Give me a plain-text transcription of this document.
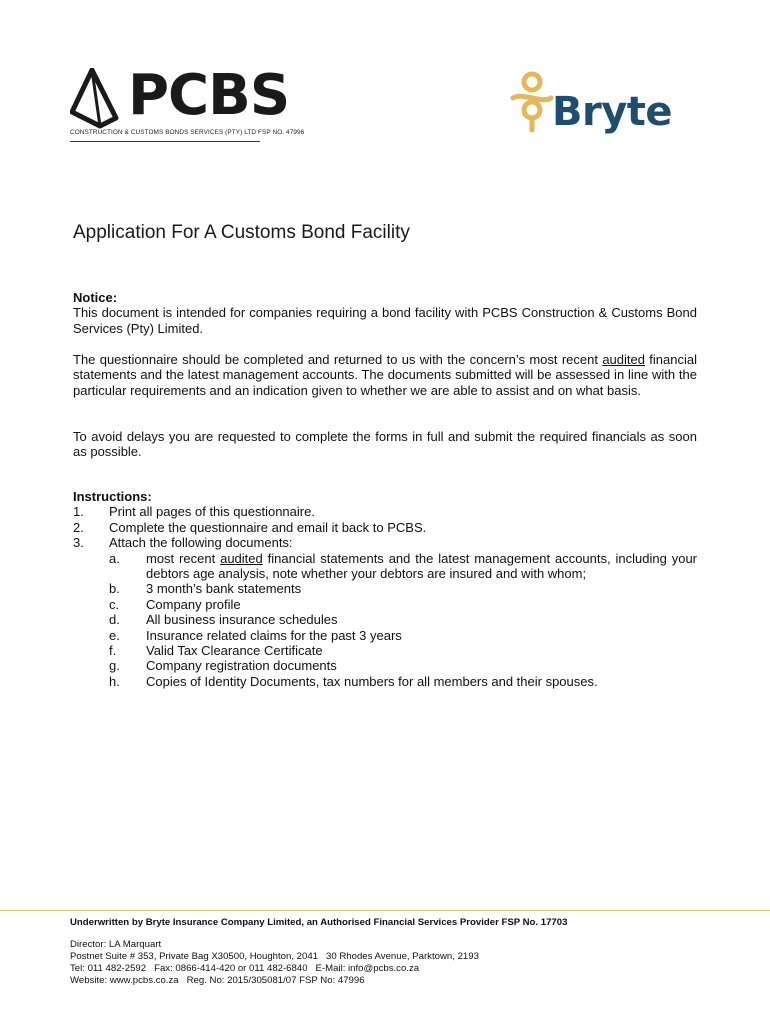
PCBS
CONSTRUCTION & CUSTOMS BONDS SERVICES (PTY) LTD FSP NO. 47996	Bryte
Application For A Customs Bond Facility
Notice:

This document is intended for companies requiring a bond facility with PCBS Construction & Customs Bond Services (Pty) Limited.

The questionnaire should be completed and returned to us with the concern’s most recent audited financial statements and the latest management accounts. The documents submitted will be assessed in line with the particular requirements and an indication given to whether we are able to assist and on what basis.

To avoid delays you are requested to complete the forms in full and submit the required financials as soon as possible.

Instructions:
1. Print all pages of this questionnaire.
2. Complete the questionnaire and email it back to PCBS.
3. Attach the following documents:
a. most recent audited financial statements and the latest management accounts, including your debtors age analysis, note whether your debtors are insured and with whom;
b. 3 month’s bank statements
c. Company profile
d. All business insurance schedules
e. Insurance related claims for the past 3 years
f. Valid Tax Clearance Certificate
g. Company registration documents
h. Copies of Identity Documents, tax numbers for all members and their spouses.
Underwritten by Bryte Insurance Company Limited, an Authorised Financial Services Provider FSP No. 17703
Director: LA Marquart
Postnet Suite # 353, Private Bag X30500, Houghton, 2041   30 Rhodes Avenue, Parktown, 2193
Tel: 011 482-2592   Fax: 0866-414-420 or 011 482-6840   E-Mail: info@pcbs.co.za
Website: www.pcbs.co.za   Reg. No: 2015/305081/07 FSP No: 47996
